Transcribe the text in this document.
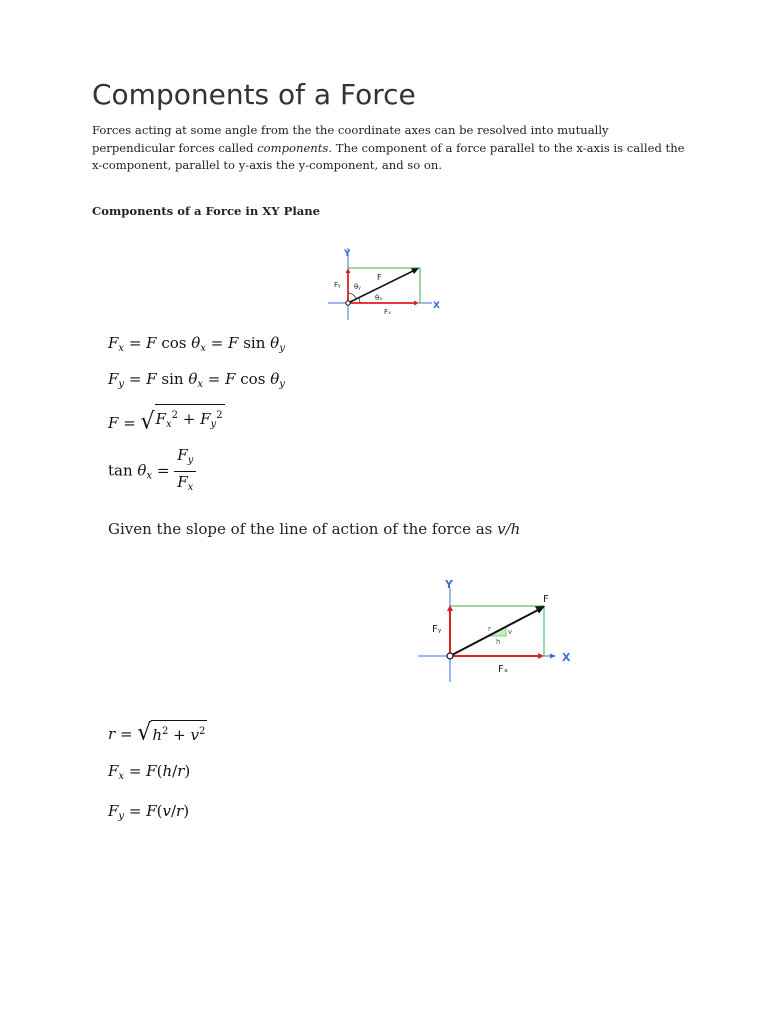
Components of a Force

Forces acting at some angle from the the coordinate axes can be resolved into mutually perpendicular forces called components. The component of a force parallel to the x-axis is called the x-component, parallel to y-axis the y-component, and so on.

Components of a Force in XY Plane
Y
X
F
Fᵧ
Fₓ
θᵧ
θₓ
$F_x = F$ $\cos \theta_x = F$ $\sin \theta_y$
$F_y = F$ $\sin \theta_x = F$ $\cos \theta_y$
F = √ $F_x^2 + F_y^2$
$\tan \theta_x = \frac{F_y}{F_x}$
Given the slope of the line of action of the force as v/h
Y
X
F
Fᵧ
Fₓ
r v
h
r = √ $h^2 + v^2$
$F_x = F(h/r)$
$F_y = F(v/r)$
